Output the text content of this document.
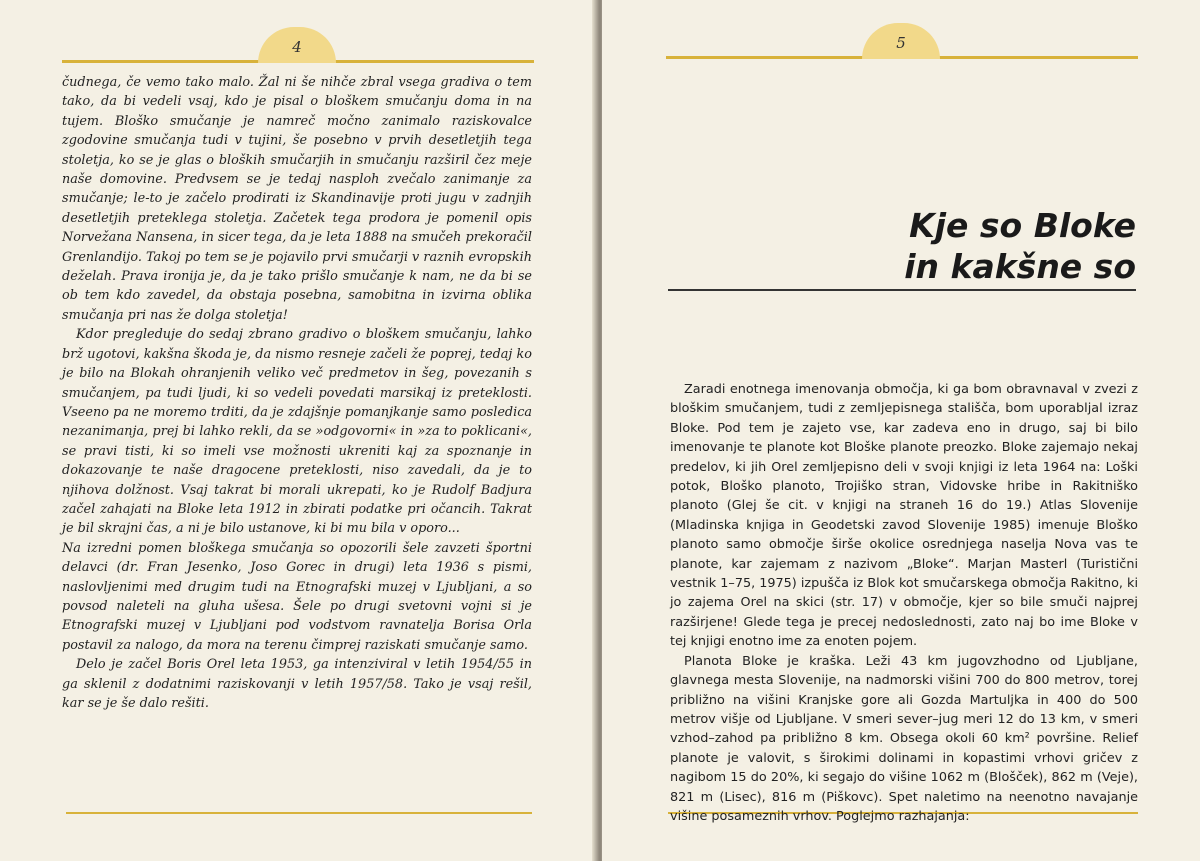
4

čudnega, če vemo tako malo. Žal ni še nihče zbral vsega gradiva o tem tako, da bi vedeli vsaj, kdo je pisal o bloškem smučanju doma in na tujem. Bloško smučanje je namreč močno zanimalo raziskovalce zgodovine smučanja tudi v tujini, še posebno v prvih desetletjih tega stoletja, ko se je glas o bloških smučarjih in smučanju razširil čez meje naše domovine. Predvsem se je tedaj nasploh zvečalo zanimanje za smučanje; le-to je začelo prodirati iz Skandinavije proti jugu v zadnjih desetletjih preteklega stoletja. Začetek tega prodora je pomenil opis Norvežana Nansena, in sicer tega, da je leta 1888 na smučeh prekoračil Grenlandijo. Takoj po tem se je pojavilo prvi smučarji v raznih evropskih deželah. Prava ironija je, da je tako prišlo smučanje k nam, ne da bi se ob tem kdo zavedel, da obstaja posebna, samobitna in izvirna oblika smučanja pri nas že dolga stoletja!

Kdor pregleduje do sedaj zbrano gradivo o bloškem smučanju, lahko brž ugotovi, kakšna škoda je, da nismo resneje začeli že poprej, tedaj ko je bilo na Blokah ohranjenih veliko več predmetov in šeg, povezanih s smučanjem, pa tudi ljudi, ki so vedeli povedati marsikaj iz preteklosti. Vseeno pa ne moremo trditi, da je zdajšnje pomanjkanje samo posledica nezanimanja, prej bi lahko rekli, da se »odgovorni« in »za to poklicani«, se pravi tisti, ki so imeli vse možnosti ukreniti kaj za spoznanje in dokazovanje te naše dragocene preteklosti, niso zavedali, da je to njihova dolžnost. Vsaj takrat bi morali ukrepati, ko je Rudolf Badjura začel zahajati na Bloke leta 1912 in zbirati podatke pri očancih. Takrat je bil skrajni čas, a ni je bilo ustanove, ki bi mu bila v oporo...

Na izredni pomen bloškega smučanja so opozorili šele zavzeti športni delavci (dr. Fran Jesenko, Joso Gorec in drugi) leta 1936 s pismi, naslovljenimi med drugim tudi na Etnografski muzej v Ljubljani, a so povsod naleteli na gluha ušesa. Šele po drugi svetovni vojni si je Etnografski muzej v Ljubljani pod vodstvom ravnatelja Borisa Orla postavil za nalogo, da mora na terenu čimprej raziskati smučanje samo.

Delo je začel Boris Orel leta 1953, ga intenziviral v letih 1954/55 in ga sklenil z dodatnimi raziskovanji v letih 1957/58. Tako je vsaj rešil, kar se je še dalo rešiti.

5
Kje so Bloke
in kakšne so

Zaradi enotnega imenovanja območja, ki ga bom obravnaval v zvezi z bloškim smučanjem, tudi z zemljepisnega stališča, bom uporabljal izraz Bloke. Pod tem je zajeto vse, kar zadeva eno in drugo, saj bi bilo imenovanje te planote kot Bloške planote preozko. Bloke zajemajo nekaj predelov, ki jih Orel zemljepisno deli v svoji knjigi iz leta 1964 na: Loški potok, Bloško planoto, Trojiško stran, Vidovske hribe in Rakitniško planoto (Glej še cit. v knjigi na straneh 16 do 19.) Atlas Slovenije (Mladinska knjiga in Geodetski zavod Slovenije 1985) imenuje Bloško planoto samo območje širše okolice osrednjega naselja Nova vas te planote, kar zajemam z nazivom „Bloke“. Marjan Masterl (Turistični vestnik 1–75, 1975) izpušča iz Blok kot smučarskega območja Rakitno, ki jo zajema Orel na skici (str. 17) v območje, kjer so bile smuči najprej razširjene! Glede tega je precej nedoslednosti, zato naj bo ime Bloke v tej knjigi enotno ime za enoten pojem.

Planota Bloke je kraška. Leži 43 km jugovzhodno od Ljubljane, glavnega mesta Slovenije, na nadmorski višini 700 do 800 metrov, torej približno na višini Kranjske gore ali Gozda Martuljka in 400 do 500 metrov višje od Ljubljane. V smeri sever–jug meri 12 do 13 km, v smeri vzhod–zahod pa približno 8 km. Obsega okoli 60 km² površine. Relief planote je valovit, s širokimi dolinami in kopastimi vrhovi gričev z nagibom 15 do 20%, ki segajo do višine 1062 m (Blošček), 862 m (Veje), 821 m (Lisec), 816 m (Piškovc). Spet naletimo na neenotno navajanje višine posameznih vrhov. Poglejmo razhajanja:
